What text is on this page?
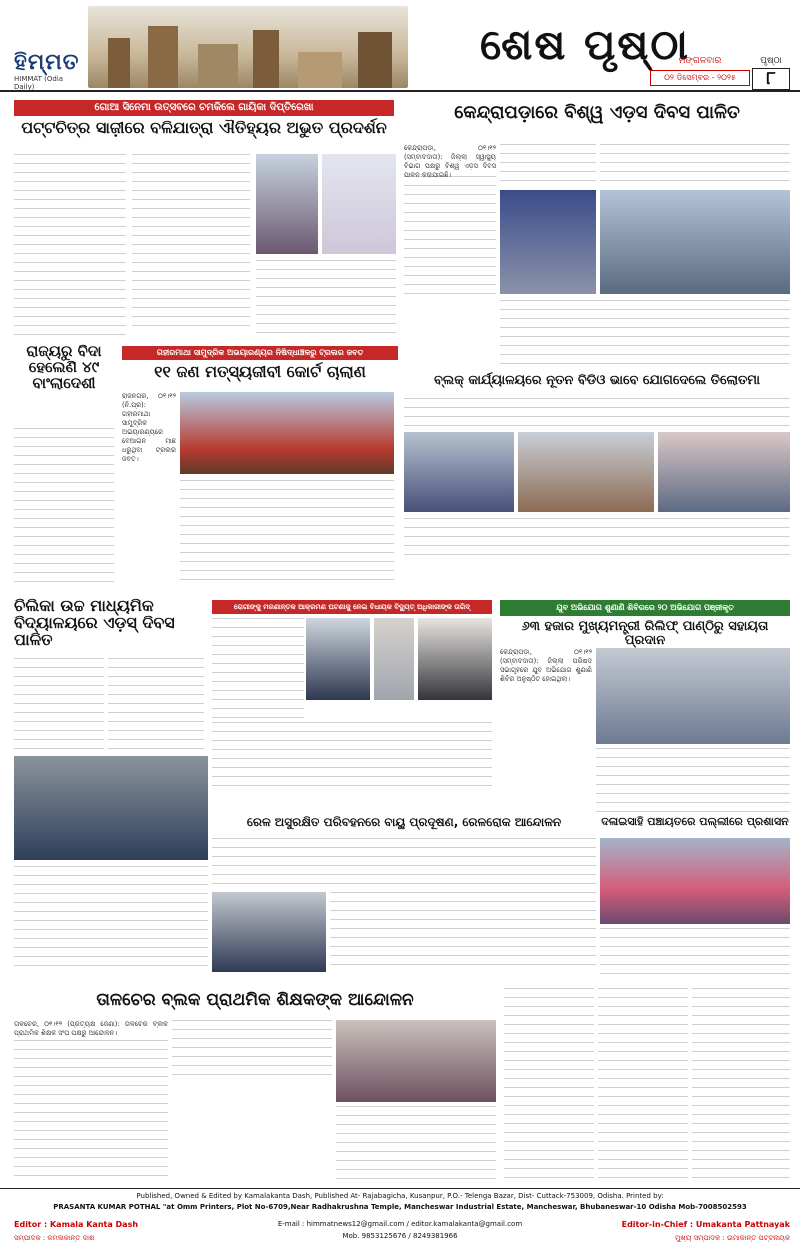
ହିମ୍ମତ
HIMMAT (Odia Daily)
ଶେଷ ପୃଷ୍ଠା
ମଙ୍ଗଳବାର
୦୨ ଡିସେମ୍ବର - ୨୦୨୫
ପୃଷ୍ଠା
୮
ଗୋଆ ସିନେମା ଉତ୍ସବରେ ଚମକିଲେ ଗାୟିକା ଦିପ୍ତିରେଖା
ପଟ୍ଟଚିତ୍ର ସାଜ଼ୀରେ ବଳିଯାତ୍ରା ଐତିହ୍ୟର ଅଭୁତ ପ୍ରଦର୍ଶନ
କେନ୍ଦ୍ରାପଡ଼ାରେ ବିଶ୍ୱ ଏଡ଼ସ ଦିବସ ପାଳିତ
କେନ୍ଦ୍ରାପଡ଼ା, ୦୧।୧୨ (ସମ୍ବାଦଦାତା): ଜିଲ୍ଲା ସ୍ୱାସ୍ଥ୍ୟ ବିଭାଗ ପକ୍ଷରୁ ବିଶ୍ୱ ଏଡ଼ସ ଦିବସ ପାଳନ କରାଯାଇଛି।
ରାଜ୍ୟରୁ ବିଦା ହେଲେଣି ୪୯ ବାଂଲାଦେଶୀ
ଗହୀରମାଥା ସାମୁଦ୍ରିକ ଅଭୟାରଣ୍ୟର ନିଷିଦ୍ଧାଞ୍ଚଳରୁ ଟ୍ରଲର ଜବତ
୧୧ ଜଣ ମତ୍ସ୍ୟଜୀବୀ କୋର୍ଟ ଚାଲାଣ
ରାଜନଗର, ୦୧।୧୨ (ନି.ପ୍ର): ଗହୀରମାଥା ସାମୁଦ୍ରିକ ଅଭୟାରଣ୍ୟରେ ବେଆଇନ ମାଛ ଧରୁଥିବା ଟ୍ରଲର ଜବତ।
ବ୍ଲକ୍ କାର୍ଯ୍ୟାଳୟରେ ନୂତନ ବିଡିଓ ଭାବେ ଯୋଗଦେଲେ ତିଲୋତମା
ଚିଲିକା ଉଚ୍ଚ ମାଧ୍ୟମିକ ବିଦ୍ୟାଳୟରେ ଏଡ଼ସ୍ ଦିବସ ପାଳିତ
ରୋଗୀଙ୍କୁ ମରଣାନ୍ତକ ଆକ୍ରମଣ ଘଟଣାକୁ ନେଇ ବିଧାୟକ ବିଦ୍ୟୁତ୍ ଅଧିକାରୀଙ୍କ ତାଗିଦ୍	ଯୁବ ଅଭିଯୋଗ ଶୁଣାଣି ଶିବିରରେ ୨୦ ଅଭିଯୋଗ ପଞ୍ଜୀକୃତ
୬୩ ହଜାର ମୁଖ୍ୟମନ୍ତ୍ରୀ ରିଲିଫ୍ ପାଣ୍ଠିରୁ ସହାୟତା ପ୍ରଦାନ
କେନ୍ଦ୍ରାପଡ଼ା, ୦୧।୧୨ (ସମ୍ବାଦଦାତା): ଜିଲ୍ଲା ପରିଷଦ ସଭାଗୃହରେ ଯୁବ ଅଭିଯୋଗ ଶୁଣାଣି ଶିବିର ଅନୁଷ୍ଠିତ ହୋଇଥିଲା।
ରେଳ ଅସୁରକ୍ଷିତ ପରିବହନରେ ବାୟୁ ପ୍ରଦୂଷଣ, ରେଳରୋକ ଆନ୍ଦୋଳନ	ଦଳାଇସାହି ପଞ୍ଚାୟତରେ ପଲ୍ଲୀରେ ପ୍ରଶାସନ
ତାଳଚେର ବ୍ଲକ ପ୍ରାଥମିକ ଶିକ୍ଷକଙ୍କ ଆନ୍ଦୋଳନ
ତାଳଚେର, ୦୧।୧୨ (ପ୍ରତ୍ୟକ୍ଷ ଜେଣା): ତାଳଚେର ବ୍ଲକ ପ୍ରାଥମିକ ଶିକ୍ଷକ ସଂଘ ପକ୍ଷରୁ ଆନ୍ଦୋଳନ।
Published, Owned & Edited by Kamalakanta Dash, Published At- Rajabagicha, Kusanpur, P.O.- Telenga Bazar, Dist- Cuttack-753009, Odisha. Printed by:
PRASANTA KUMAR POTHAL "at Omm Printers, Plot No-6709,Near Radhakrushna Temple, Mancheswar Industrial Estate, Mancheswar, Bhubaneswar-10 Odisha Mob-7008502593
Editor : Kamala Kanta Dash
ସମ୍ପାଦକ : କମଳାକାନ୍ତ ଦାଶ
E-mail : himmatnews12@gmail.com / editor.kamalakanta@gmail.com
Mob. 9853125676 / 8249381966
Editor-in-Chief : Umakanta Pattnayak
ମୁଖ୍ୟ ସମ୍ପାଦକ : ଉମାକାନ୍ତ ପଟ୍ଟନାୟକ
